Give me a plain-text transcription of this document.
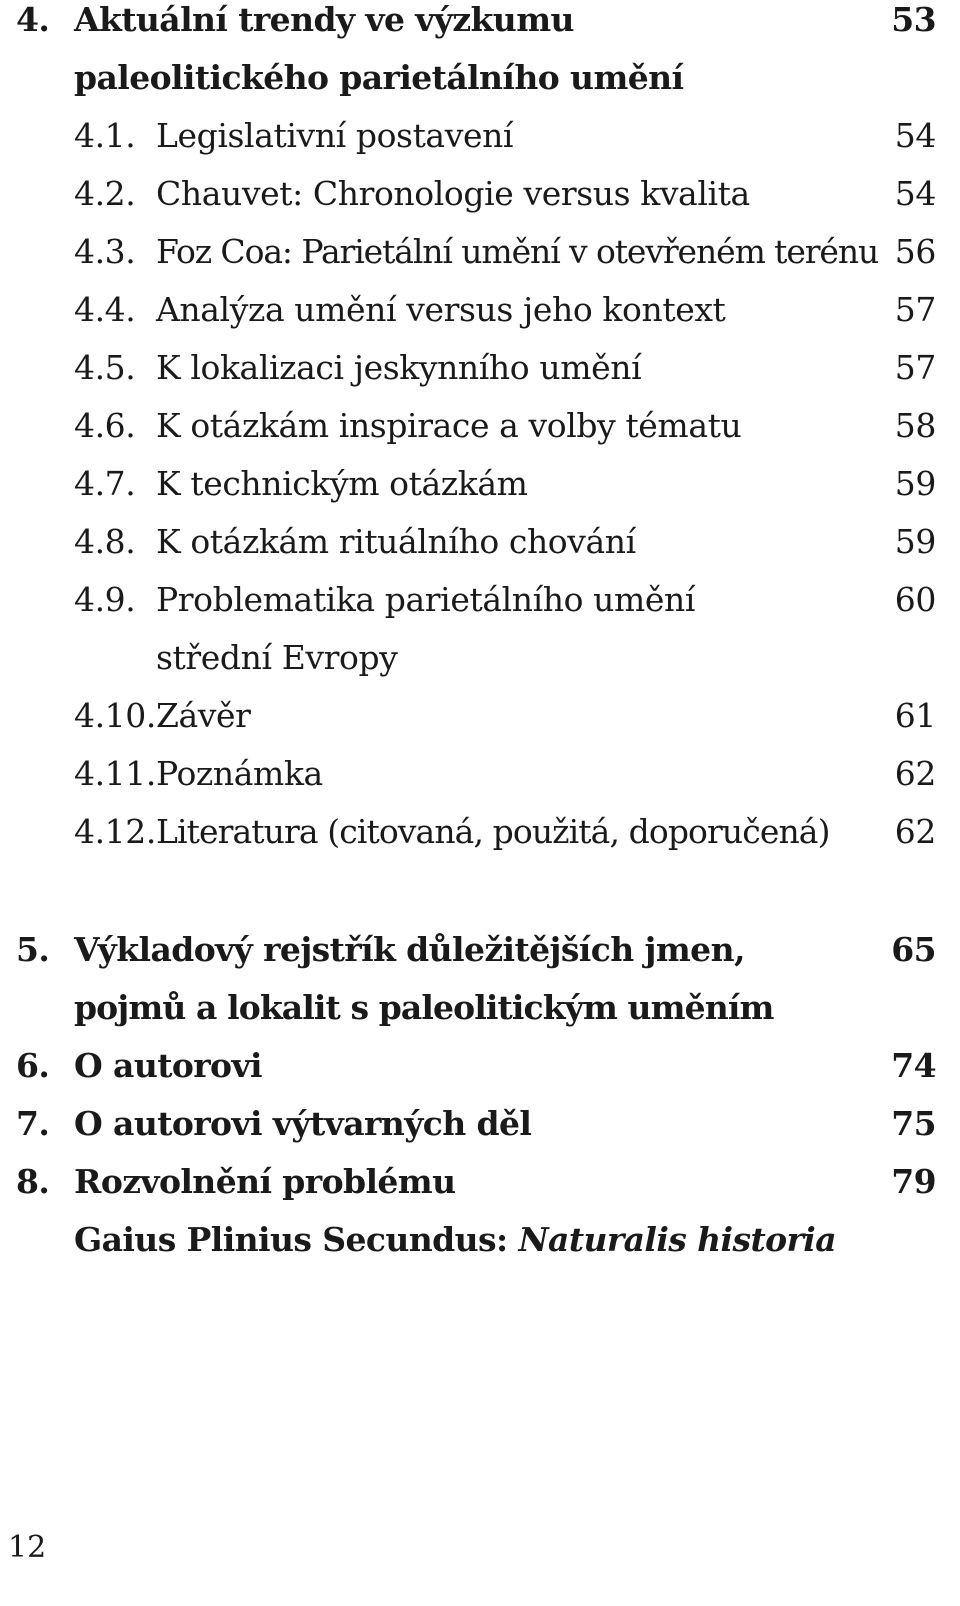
4. Aktuální trendy ve výzkumu	53
paleolitického parietálního umění
4.1. Legislativní postavení	54
4.2. Chauvet: Chronologie versus kvalita	54
4.3. Foz Coa: Parietální umění v otevřeném terénu 56
4.4. Analýza umění versus jeho kontext	57
4.5. K lokalizaci jeskynního umění	57
4.6. K otázkám inspirace a volby tématu	58
4.7. K technickým otázkám	59
4.8. K otázkám rituálního chování	59
4.9. Problematika parietálního umění	60
střední Evropy
4.10. Závěr	61
4.11. Poznámka	62
4.12. Literatura (citovaná, použitá, doporučená) 62
5. Výkladový rejstřík důležitějších jmen,	65
pojmů a lokalit s paleolitickým uměním
6. O autorovi	74
7. O autorovi výtvarných děl	75
8. Rozvolnění problému	79
Gaius Plinius Secundus: Naturalis historia
12
